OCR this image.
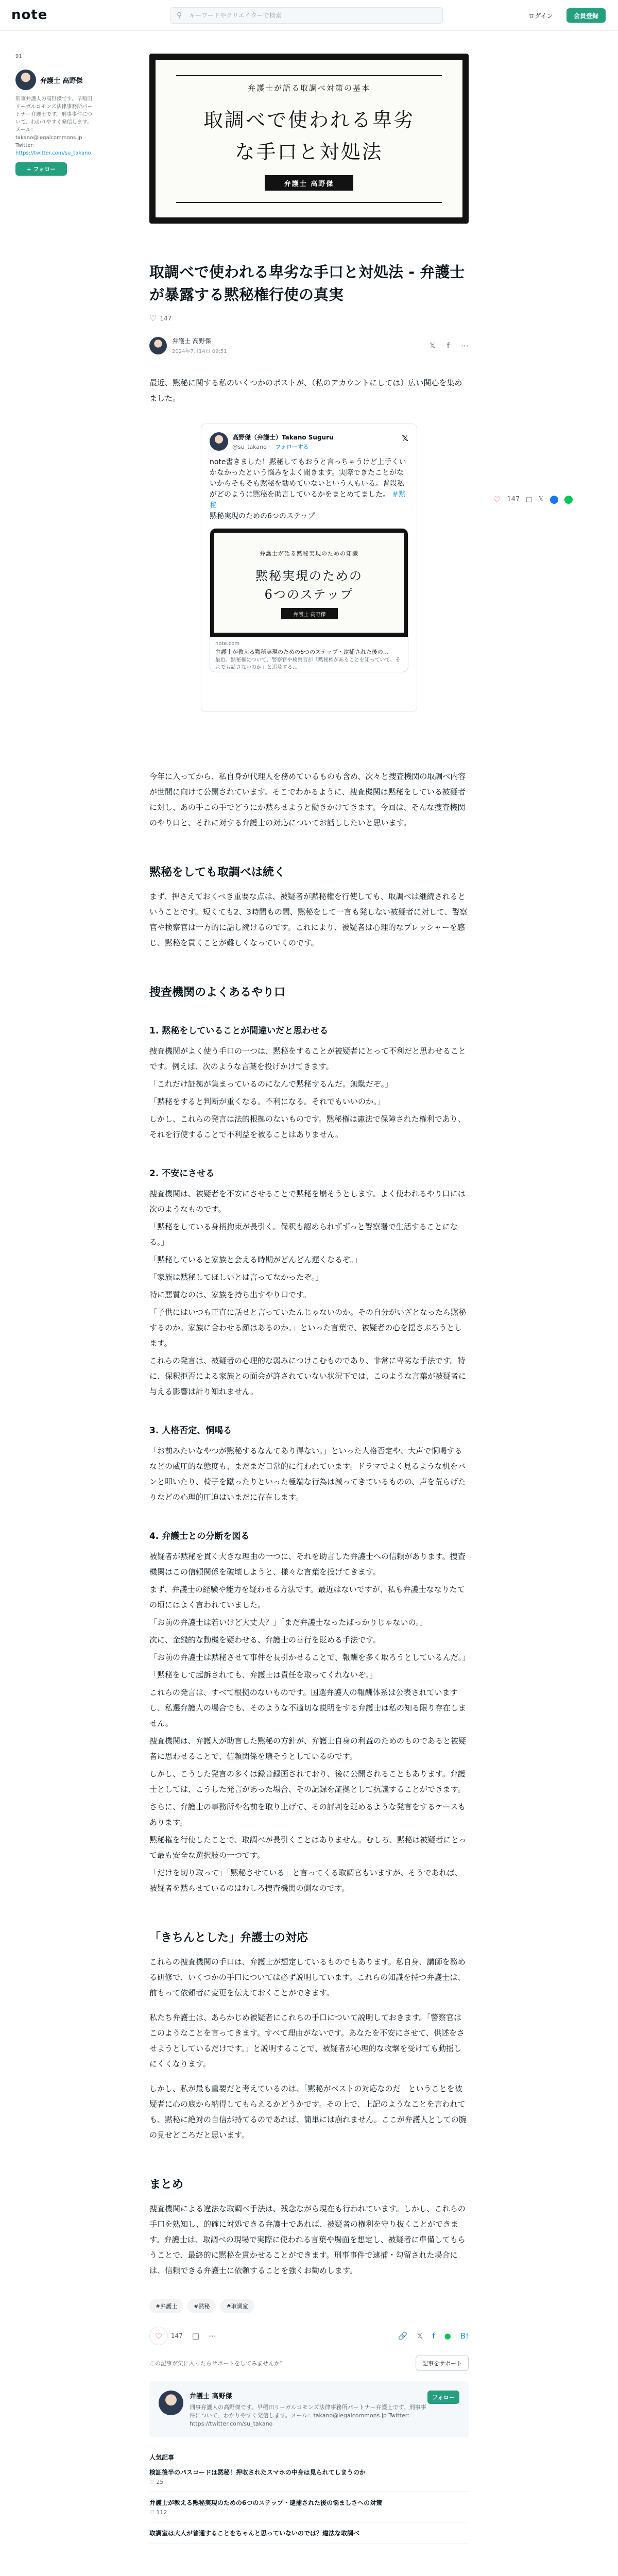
note	⚲
キーワードやクリエイターで検索	ログイン	会員登録
91
弁護士 高野傑
刑事弁護人の高野傑です。早稲田リーガルコモンズ法律事務所パートナー弁護士です。刑事事件について、わかりやすく発信します。メール：takano@legalcommons.jp Twitter： https://twitter.com/su_takano
+ フォロー
♡ 147 □ 𝕏
弁護士が語る取調べ対策の基本
取調べで使われる卑劣
な手口と対処法
弁護士 高野傑
取調べで使われる卑劣な手口と対処法 - 弁護士が暴露する黙秘権行使の真実
♡ 147
弁護士 高野傑
2024年7月14日 09:51
𝕏 f ⋯

最近、黙秘に関する私のいくつかのポストが、（私のアカウントにしては）広い関心を集めました。

高野傑（弁護士）Takano Suguru
@su_takano · フォローする
𝕏
note書きました！黙秘してもおうと言っちゃうけど上手くいかなかったという悩みをよく聞きます。実際できたことがないからそもそも黙秘を勧めていないという人もいる。普段私がどのように黙秘を助言しているかをまとめてました。 #黙秘
黙秘実現のための6つのステップ
弁護士が語る黙秘実現のための知識
黙秘実現のための
6つのステップ
弁護士 高野傑
note.com
弁護士が教える黙秘実現のための6つのステップ・逮捕された後の…
最近、黙秘権について、警察官や検察官が「黙秘権があることを知っていて、それでも話さないのか」と追及する…

今年に入ってから、私自身が代理人を務めているものも含め、次々と捜査機関の取調べ内容が世間に向けて公開されています。そこでわかるように、捜査機関は黙秘をしている被疑者に対し、あの手この手でどうにか黙らせようと働きかけてきます。今回は、そんな捜査機関のやり口と、それに対する弁護士の対応についてお話ししたいと思います。

黙秘をしても取調べは続く

まず、押さえておくべき重要な点は、被疑者が黙秘権を行使しても、取調べは継続されるということです。短くても2、3時間もの間、黙秘をして一言も発しない被疑者に対して、警察官や検察官は一方的に話し続けるのです。これにより、被疑者は心理的なプレッシャーを感じ、黙秘を貫くことが難しくなっていくのです。

捜査機関のよくあるやり口
1. 黙秘をしていることが間違いだと思わせる

捜査機関がよく使う手口の一つは、黙秘をすることが被疑者にとって不利だと思わせることです。例えば、次のような言葉を投げかけてきます。

「これだけ証拠が集まっているのになんで黙秘するんだ。無駄だぞ。」

「黙秘をすると判断が重くなる。不利になる。それでもいいのか。」

しかし、これらの発言は法的根拠のないものです。黙秘権は憲法で保障された権利であり、それを行使することで不利益を被ることはありません。

2. 不安にさせる

捜査機関は、被疑者を不安にさせることで黙秘を崩そうとします。よく使われるやり口には次のようなものです。

「黙秘をしている身柄拘束が長引く。保釈も認められずずっと警察署で生活することになる。」

「黙秘していると家族と会える時期がどんどん遅くなるぞ。」

「家族は黙秘してほしいとは言ってなかったぞ。」

特に悪質なのは、家族を持ち出すやり口です。

「子供にはいつも正直に話せと言っていたんじゃないのか。その自分がいざとなったら黙秘するのか。家族に合わせる顔はあるのか。」といった言葉で、被疑者の心を揺さぶろうとします。

これらの発言は、被疑者の心理的な弱みにつけこむものであり、非常に卑劣な手法です。特に、保釈拒否による家族との面会が許されていない状況下では、このような言葉が被疑者に与える影響は計り知れません。

3. 人格否定、恫喝る

「お前みたいなやつが黙秘するなんてあり得ない。」といった人格否定や、大声で恫喝するなどの威圧的な態度も、まだまだ日常的に行われています。ドラマでよく見るような机をバンと叩いたり、椅子を蹴ったりといった極端な行為は減ってきているものの、声を荒らげたりなどの心理的圧迫はいまだに存在します。

4. 弁護士との分断を図る

被疑者が黙秘を貫く大きな理由の一つに、それを助言した弁護士への信頼があります。捜査機関はこの信頼関係を破壊しようと、様々な言葉を投げてきます。

まず、弁護士の経験や能力を疑わせる方法です。最近はないですが、私も弁護士ななりたての頃にはよく言われていました。

「お前の弁護士は若いけど大丈夫？」「まだ弁護士なったばっかりじゃないの。」

次に、金銭的な動機を疑わせる、弁護士の善行を貶める手法です。

「お前の弁護士は黙秘させて事件を長引かせることで、報酬を多く取ろうとしているんだ。」

「黙秘をして起訴されても、弁護士は責任を取ってくれないぞ。」

これらの発言は、すべて根拠のないものです。国選弁護人の報酬体系は公表されていますし、私選弁護人の場合でも、そのような不適切な説明をする弁護士は私の知る限り存在しません。

捜査機関は、弁護人が助言した黙秘の方針が、弁護士自身の利益のためのものであると被疑者に思わせることで、信頼関係を壊そうとしているのです。

しかし、こうした発言の多くは録音録画されており、後に公開されることもあります。弁護士としては、こうした発言があった場合、その記録を証拠として抗議することができます。

さらに、弁護士の事務所や名前を取り上げて、その評判を貶めるような発言をするケースもあります。

黙秘権を行使したことで、取調べが長引くことはありません。むしろ、黙秘は被疑者にとって最も安全な選択肢の一つです。

「だけを切り取って」「黙秘させている」と言ってくる取調官もいますが、そうであれば、被疑者を黙らせているのはむしろ捜査機関の側なのです。

「きちんとした」弁護士の対応

これらの捜査機関の手口は、弁護士が想定しているものでもあります。私自身、講師を務める研修で、いくつかの手口については必ず説明しています。これらの知識を持つ弁護士は、前もって依頼者に変更を伝えておくことができます。

私たち弁護士は、あらかじめ被疑者にこれらの手口について説明しておきます。「警察官はこのようなことを言ってきます。すべて理由がないです。あなたを不安にさせて、供述をさせようとしているだけです。」と説明することで、被疑者が心理的な攻撃を受けても動揺しにくくなります。

しかし、私が最も重要だと考えているのは、「黙秘がベストの対応なのだ」ということを被疑者に心の底から納得してもらえるかどうかです。その上で、上記のようなことを言われても、黙秘に絶対の自信が持てるのであれば、簡単には崩れません。ここが弁護人としての腕の見せどころだと思います。

まとめ

捜査機関による違法な取調べ手法は、残念ながら現在も行われています。しかし、これらの手口を熟知し、的確に対処できる弁護士であれば、被疑者の権利を守り抜くことができます。弁護士は、取調べの現場で実際に使われる言葉や場面を想定し、被疑者に準備してもらうことで、最終的に黙秘を貫かせることができます。刑事事件で逮捕・勾留された場合には、信頼できる弁護士に依頼することを強くお勧めします。

#弁護士	#黙秘	#取調室
♡ 147 □ ⋯	🔗 𝕏 f ● B!
この記事が気に入ったらサポートをしてみませんか？	記事をサポート
弁護士 高野傑
刑事弁護人の高野傑です。早稲田リーガルコモンズ法律事務所パートナー弁護士です。刑事事件について、わかりやすく発信します。メール：takano@legalcommons.jp Twitter：https://twitter.com/su_takano
フォロー
人気記事
検証後半のパスコードは黙秘！押収されたスマホの中身は見られてしまうのか
♡ 25
弁護士が教える黙秘実現のための6つのステップ・逮捕された後の悩ましさへの対策
♡ 112
取調室は大人が普通することをちゃんと思っていないのでは？違法な取調べ
